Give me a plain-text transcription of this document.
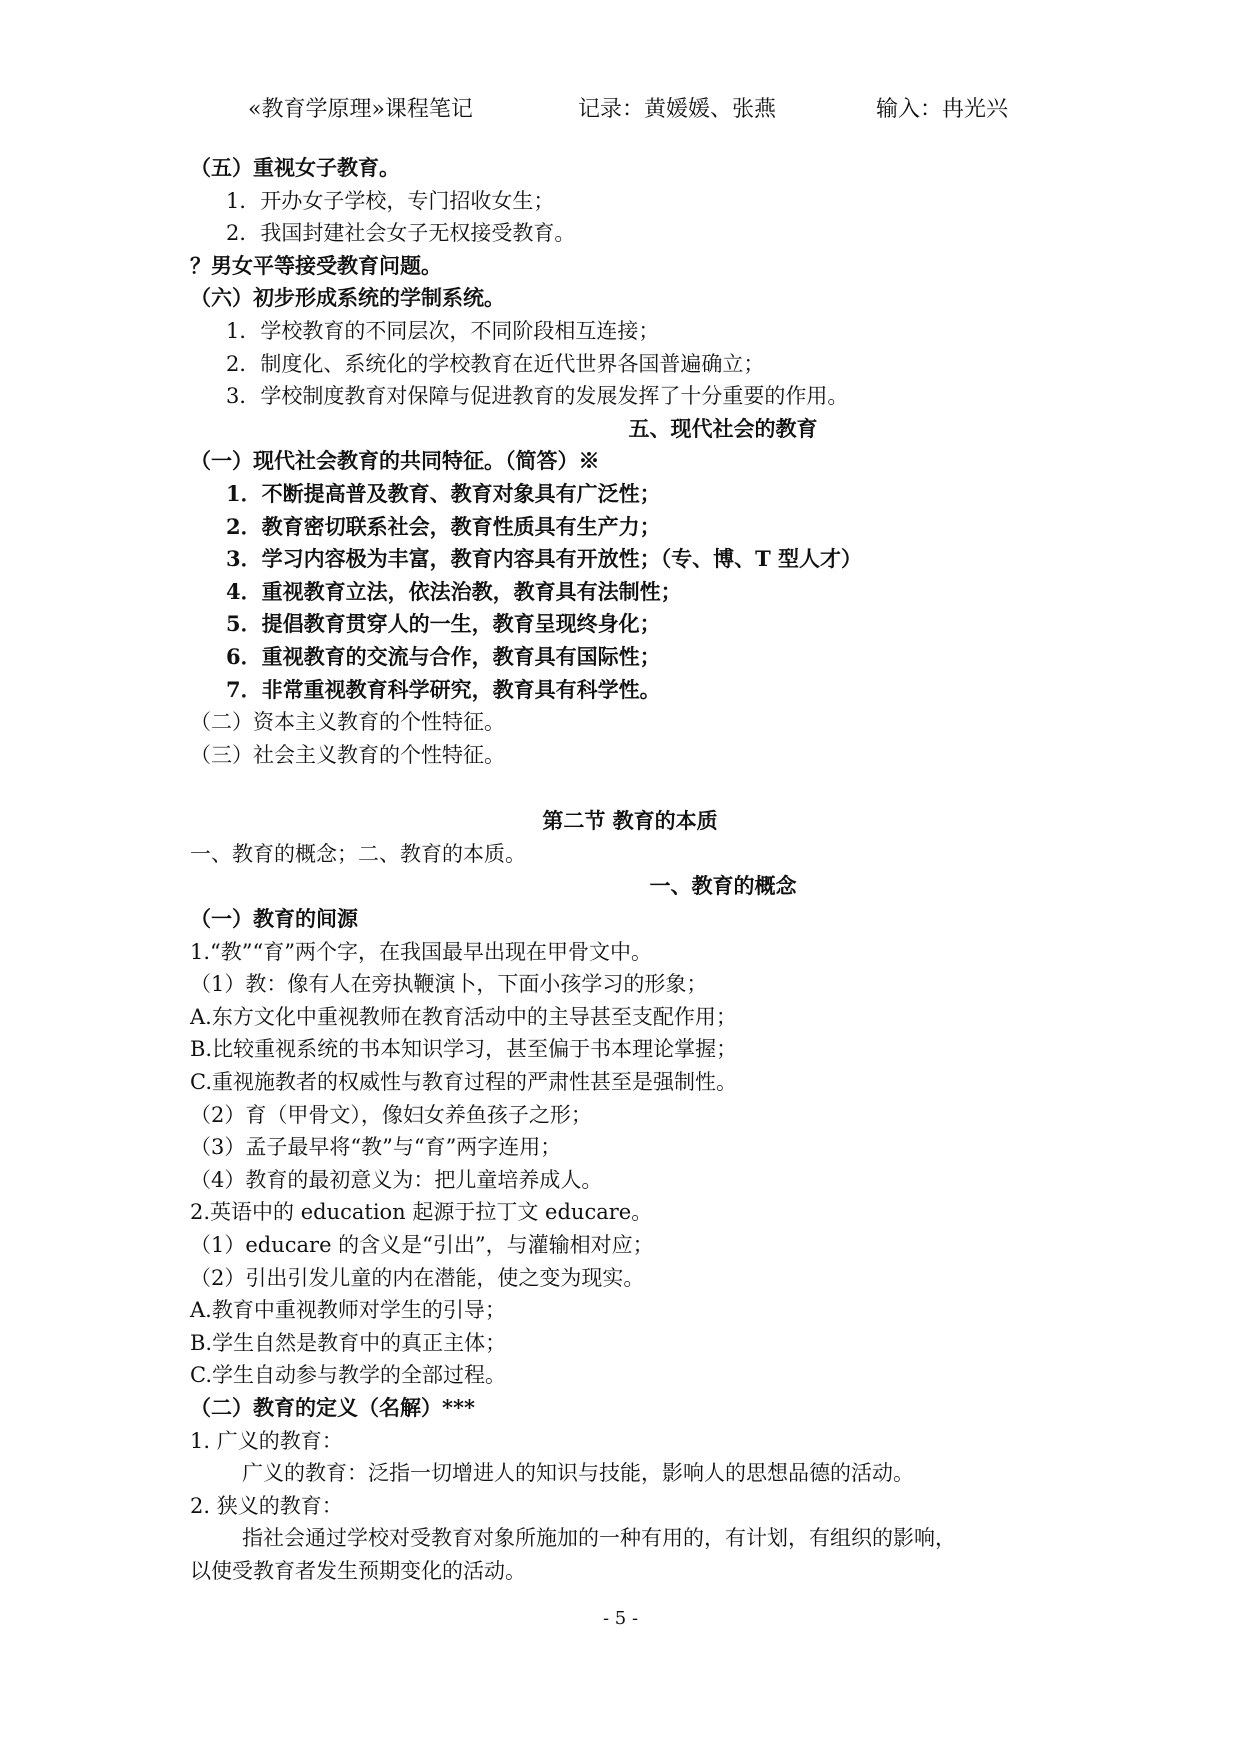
«教育学原理»课程笔记	记录：黄媛媛、张燕	输入：冉光兴
（五）重视女子教育。
1．开办女子学校，专门招收女生；
2．我国封建社会女子无权接受教育。
？男女平等接受教育问题。
（六）初步形成系统的学制系统。
1．学校教育的不同层次，不同阶段相互连接；
2．制度化、系统化的学校教育在近代世界各国普遍确立；
3．学校制度教育对保障与促进教育的发展发挥了十分重要的作用。
五、现代社会的教育
（一）现代社会教育的共同特征。（简答）※
1．不断提高普及教育、教育对象具有广泛性；
2．教育密切联系社会，教育性质具有生产力；
3．学习内容极为丰富，教育内容具有开放性；（专、博、T 型人才）
4．重视教育立法，依法治教，教育具有法制性；
5．提倡教育贯穿人的一生，教育呈现终身化；
6．重视教育的交流与合作，教育具有国际性；
7．非常重视教育科学研究，教育具有科学性。
（二）资本主义教育的个性特征。
（三）社会主义教育的个性特征。
第二节 教育的本质
一、教育的概念；二、教育的本质。
一、教育的概念
（一）教育的间源
1.“教”“育”两个字，在我国最早出现在甲骨文中。
（1）教：像有人在旁执鞭演卜，下面小孩学习的形象；
A.东方文化中重视教师在教育活动中的主导甚至支配作用；
B.比较重视系统的书本知识学习，甚至偏于书本理论掌握；
C.重视施教者的权威性与教育过程的严肃性甚至是强制性。
（2）育（甲骨文），像妇女养鱼孩子之形；
（3）孟子最早将“教”与“育”两字连用；
（4）教育的最初意义为：把儿童培养成人。
2.英语中的 education 起源于拉丁文 educare。
（1）educare 的含义是“引出”，与灌输相对应；
（2）引出引发儿童的内在潜能，使之变为现实。
A.教育中重视教师对学生的引导；
B.学生自然是教育中的真正主体；
C.学生自动参与教学的全部过程。
（二）教育的定义（名解）***
1. 广义的教育：
广义的教育：泛指一切增进人的知识与技能，影响人的思想品德的活动。
2. 狭义的教育：
指社会通过学校对受教育对象所施加的一种有用的，有计划，有组织的影响，
以使受教育者发生预期变化的活动。
- 5 -
